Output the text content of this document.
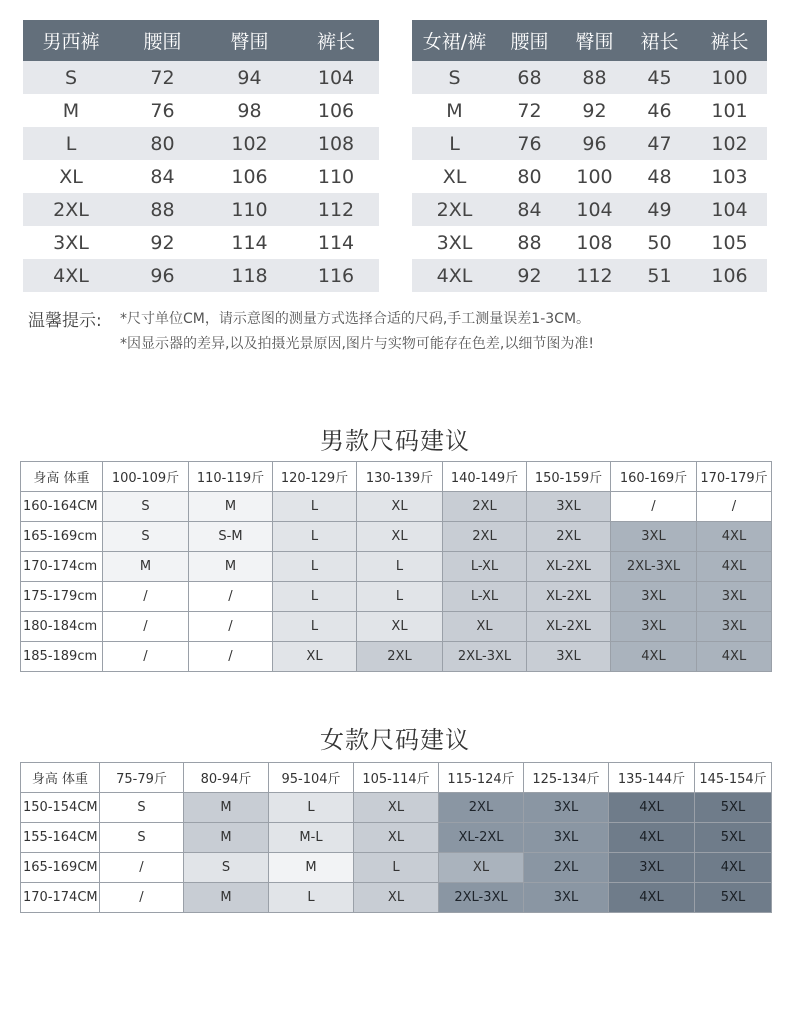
男西裤	腰围	臀围	裤长
S	72	94	104
M	76	98	106
L	80	102	108
XL	84	106	110
2XL	88	110	112
3XL	92	114	114
4XL	96	118	116
女裙/裤	腰围	臀围	裙长	裤长
S	68	88	45	100
M	72	92	46	101
L	76	96	47	102
XL	80	100	48	103
2XL	84	104	49	104
3XL	88	108	50	105
4XL	92	112	51	106
温馨提示: *尺寸单位CM，请示意图的测量方式选择合适的尺码,手工测量误差1-3CM。
*因显示器的差异,以及拍摄光景原因,图片与实物可能存在色差,以细节图为准!
男款尺码建议
身高 体重	100-109斤	110-119斤	120-129斤	130-139斤	140-149斤	150-159斤	160-169斤	170-179斤
160-164CM	S	M	L	XL	2XL	3XL	/	/
165-169cm	S	S-M	L	XL	2XL	2XL	3XL	4XL
170-174cm	M	M	L	L	L-XL	XL-2XL	2XL-3XL	4XL
175-179cm	/	/	L	L	L-XL	XL-2XL	3XL	3XL
180-184cm	/	/	L	XL	XL	XL-2XL	3XL	3XL
185-189cm	/	/	XL	2XL	2XL-3XL	3XL	4XL	4XL
女款尺码建议
身高 体重	75-79斤	80-94斤	95-104斤	105-114斤	115-124斤	125-134斤	135-144斤	145-154斤
150-154CM	S	M	L	XL	2XL	3XL	4XL	5XL
155-164CM	S	M	M-L	XL	XL-2XL	3XL	4XL	5XL
165-169CM	/	S	M	L	XL	2XL	3XL	4XL
170-174CM	/	M	L	XL	2XL-3XL	3XL	4XL	5XL
